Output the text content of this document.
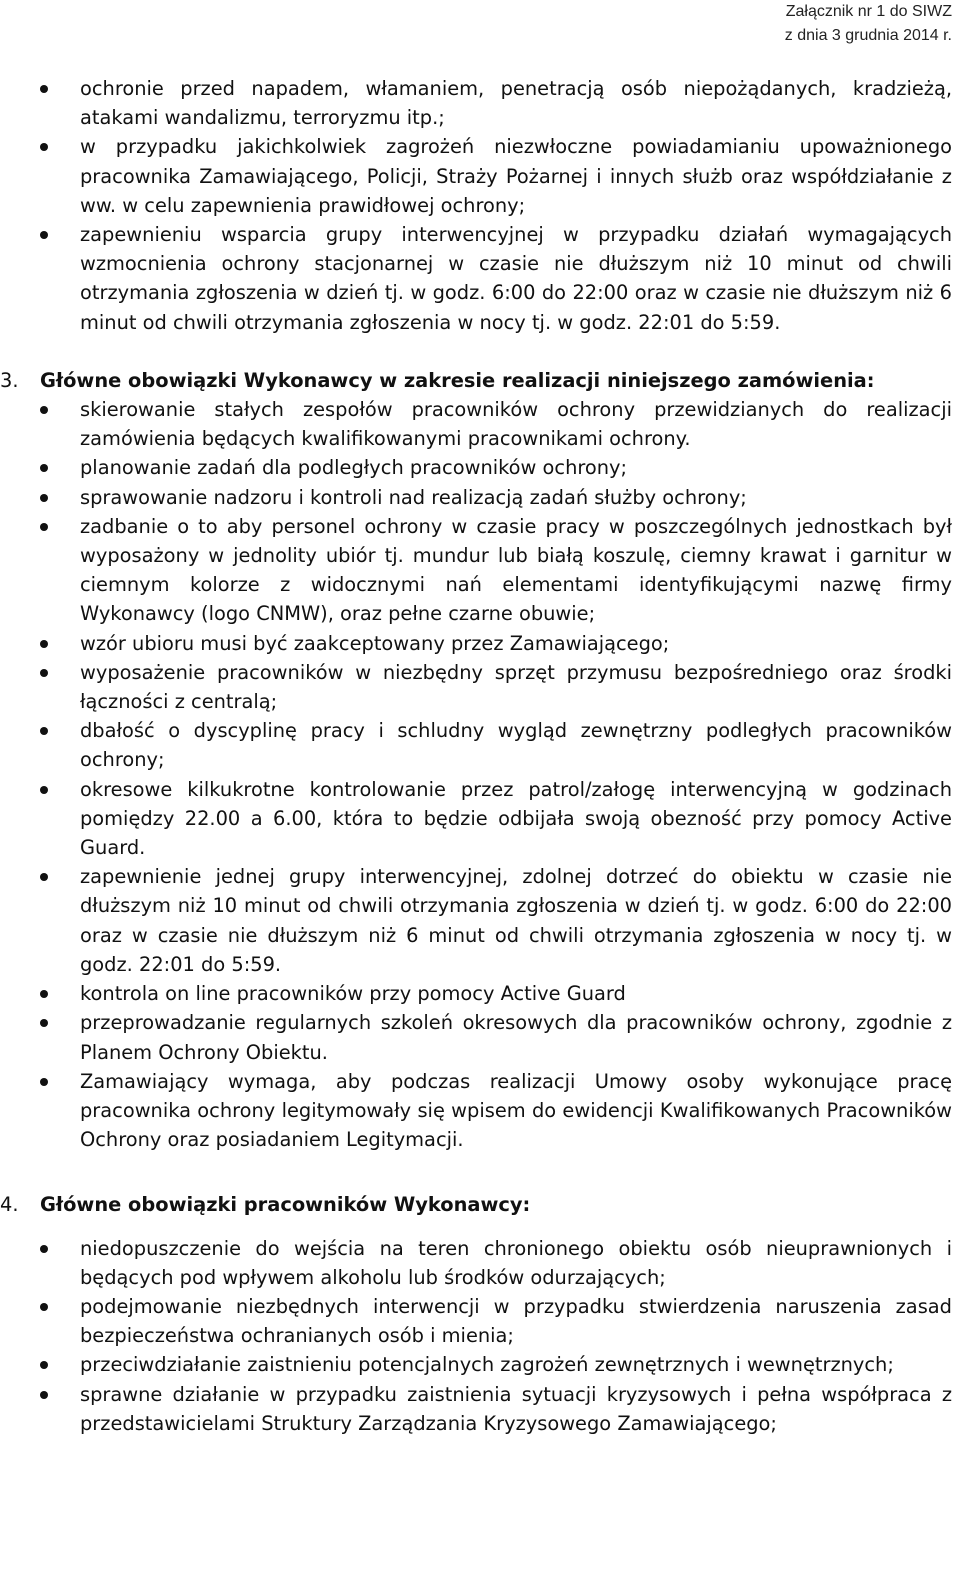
Załącznik nr 1 do SIWZ
z dnia 3 grudnia 2014 r.
ochronie przed napadem, włamaniem, penetracją osób niepożądanych, kradzieżą, atakami wandalizmu, terroryzmu itp.;
w przypadku jakichkolwiek zagrożeń niezwłoczne powiadamianiu upoważnionego pracownika Zamawiającego, Policji, Straży Pożarnej i innych służb oraz współdziałanie z ww. w celu zapewnienia prawidłowej ochrony;
zapewnieniu wsparcia grupy interwencyjnej w przypadku działań wymagających wzmocnienia ochrony stacjonarnej w czasie nie dłuższym niż 10 minut od chwili otrzymania zgłoszenia w dzień tj. w godz. 6:00 do 22:00 oraz w czasie nie dłuższym niż 6 minut od chwili otrzymania zgłoszenia w nocy tj. w godz. 22:01 do 5:59.
3. Główne obowiązki Wykonawcy w zakresie realizacji niniejszego zamówienia:
skierowanie stałych zespołów pracowników ochrony przewidzianych do realizacji zamówienia będących kwalifikowanymi pracownikami ochrony.
planowanie zadań dla podległych pracowników ochrony;
sprawowanie nadzoru i kontroli nad realizacją zadań służby ochrony;
zadbanie o to aby personel ochrony w czasie pracy w poszczególnych jednostkach był wyposażony w jednolity ubiór tj. mundur lub białą koszulę, ciemny krawat i garnitur w ciemnym kolorze z widocznymi nań elementami identyfikującymi nazwę firmy Wykonawcy (logo CNMW), oraz pełne czarne obuwie;
wzór ubioru musi być zaakceptowany przez Zamawiającego;
wyposażenie pracowników w niezbędny sprzęt przymusu bezpośredniego oraz środki łączności z centralą;
dbałość o dyscyplinę pracy i schludny wygląd zewnętrzny podległych pracowników ochrony;
okresowe kilkukrotne kontrolowanie przez patrol/załogę interwencyjną w godzinach pomiędzy 22.00 a 6.00, która to będzie odbijała swoją obezność przy pomocy Active Guard.
zapewnienie jednej grupy interwencyjnej, zdolnej dotrzeć do obiektu w czasie nie dłuższym niż 10 minut od chwili otrzymania zgłoszenia w dzień tj. w godz. 6:00 do 22:00 oraz w czasie nie dłuższym niż 6 minut od chwili otrzymania zgłoszenia w nocy tj. w godz. 22:01 do 5:59.
kontrola on line pracowników przy pomocy Active Guard
przeprowadzanie regularnych szkoleń okresowych dla pracowników ochrony, zgodnie z Planem Ochrony Obiektu.
Zamawiający wymaga, aby podczas realizacji Umowy osoby wykonujące pracę pracownika ochrony legitymowały się wpisem do ewidencji Kwalifikowanych Pracowników Ochrony oraz posiadaniem Legitymacji.
4. Główne obowiązki pracowników Wykonawcy:
niedopuszczenie do wejścia na teren chronionego obiektu osób nieuprawnionych i będących pod wpływem alkoholu lub środków odurzających;
podejmowanie niezbędnych interwencji w przypadku stwierdzenia naruszenia zasad bezpieczeństwa ochranianych osób i mienia;
przeciwdziałanie zaistnieniu potencjalnych zagrożeń zewnętrznych i wewnętrznych;
sprawne działanie w przypadku zaistnienia sytuacji kryzysowych i pełna współpraca z przedstawicielami Struktury Zarządzania Kryzysowego Zamawiającego;
